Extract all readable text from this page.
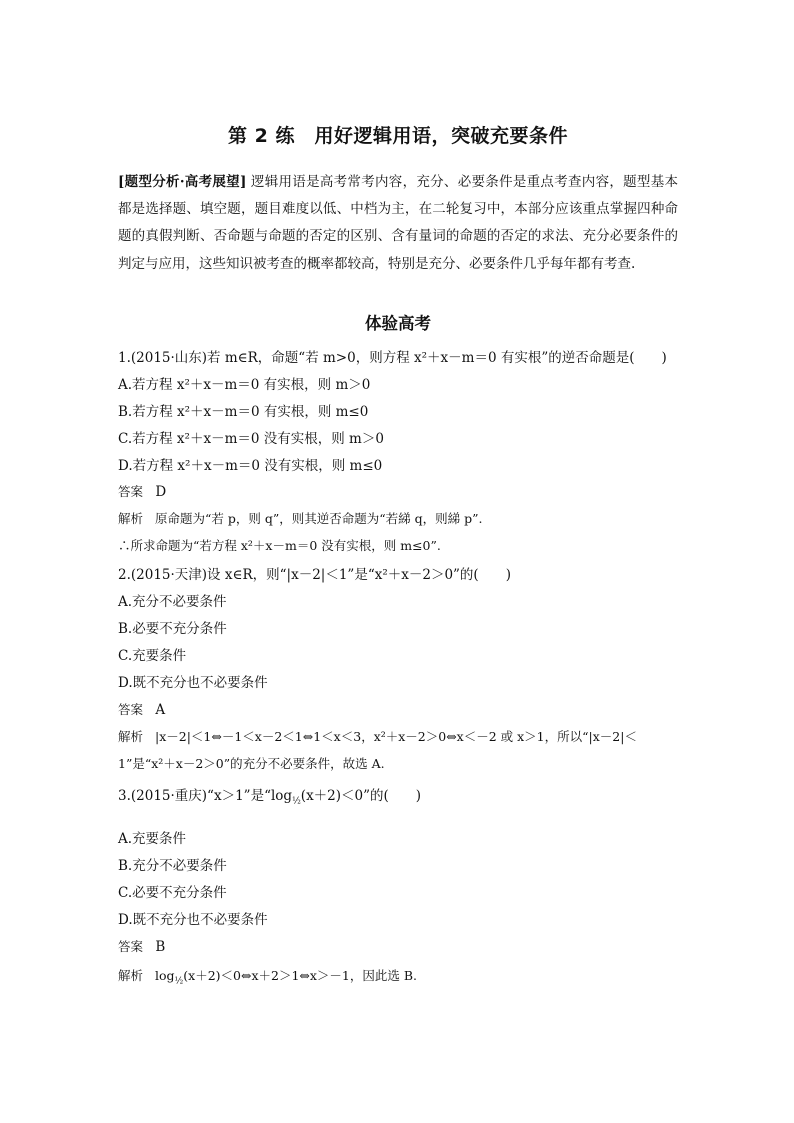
第 2 练　用好逻辑用语，突破充要条件
[题型分析·高考展望] 逻辑用语是高考常考内容，充分、必要条件是重点考查内容，题型基本都是选择题、填空题，题目难度以低、中档为主，在二轮复习中，本部分应该重点掌握四种命题的真假判断、否命题与命题的否定的区别、含有量词的命题的否定的求法、充分必要条件的判定与应用，这些知识被考查的概率都较高，特别是充分、必要条件几乎每年都有考查.
体验高考
1.(2015·山东)若 m∈R，命题“若 m>0，则方程 x²＋x－m＝0 有实根”的逆否命题是(　　)
A.若方程 x²＋x－m＝0 有实根，则 m＞0
B.若方程 x²＋x－m＝0 有实根，则 m≤0
C.若方程 x²＋x－m＝0 没有实根，则 m＞0
D.若方程 x²＋x－m＝0 没有实根，则 m≤0
答案 D
解析 原命题为“若 p，则 q”，则其逆否命题为“若綈 q，则綈 p”.
∴所求命题为“若方程 x²＋x－m＝0 没有实根，则 m≤0”.
2.(2015·天津)设 x∈R，则“|x－2|＜1”是“x²＋x－2＞0”的(　　)
A.充分不必要条件
B.必要不充分条件
C.充要条件
D.既不充分也不必要条件
答案 A
解析 |x－2|＜1⇔－1＜x－2＜1⇔1＜x＜3，x²＋x－2＞0⇔x＜－2 或 x＞1，所以“|x－2|＜
1”是“x²＋x－2＞0”的充分不必要条件，故选 A.
3.(2015·重庆)“x＞1”是“$\log_{\frac{1}{2}}(x+2)<0$”的(　　)
A.充要条件
B.充分不必要条件
C.必要不充分条件
D.既不充分也不必要条件
答案 B
解析 $\log_{\frac{1}{2}}(x+2)<0\Leftrightarrow x+2>1\Leftrightarrow x>-1$，因此选 B.
